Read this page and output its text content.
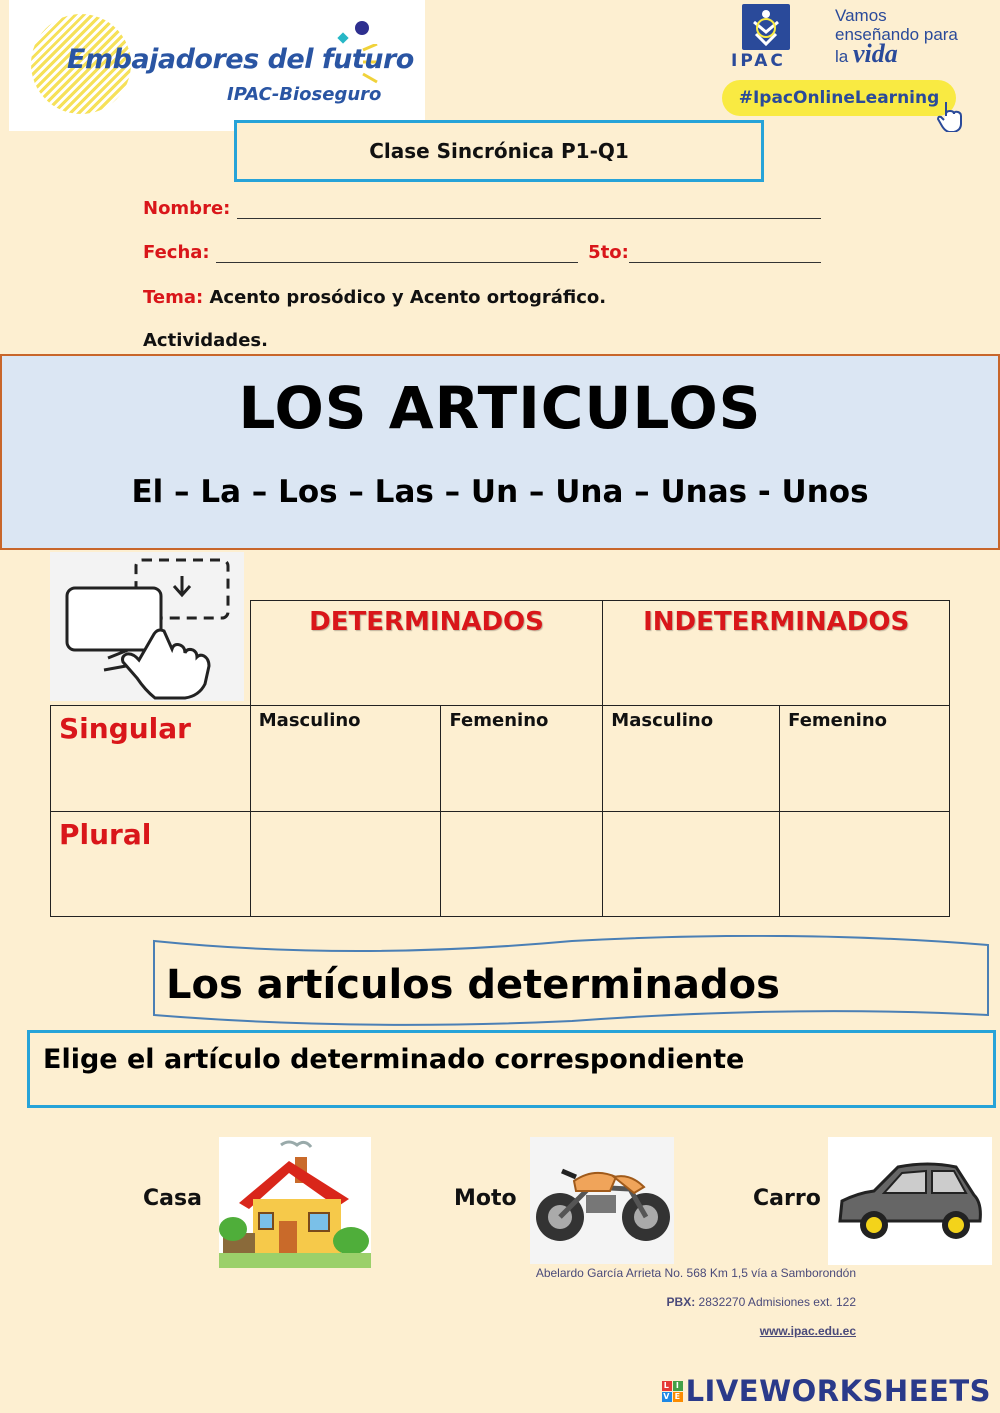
Embajadores del futuro
IPAC-Bioseguro
IPAC
Vamos
enseñando para
la vida
#IpacOnlineLearning
Clase Sincrónica P1-Q1
Nombre:
Fecha:	5to:
Tema: Acento prosódico y Acento ortográfico.
Actividades.
LOS ARTICULOS
El – La – Los – Las – Un – Una – Unas - Unos
	DETERMINADOS		INDETERMINADOS	
Singular	Masculino	Femenino	Masculino	Femenino
Plural				
Los artículos determinados
Elige el artículo determinado correspondiente
Casa	Moto	Carro
Abelardo García Arrieta No. 568 Km 1,5 vía a Samborondón
PBX: 2832270 Admisiones ext. 122
www.ipac.edu.ec
L I
V E LIVEWORKSHEETS
